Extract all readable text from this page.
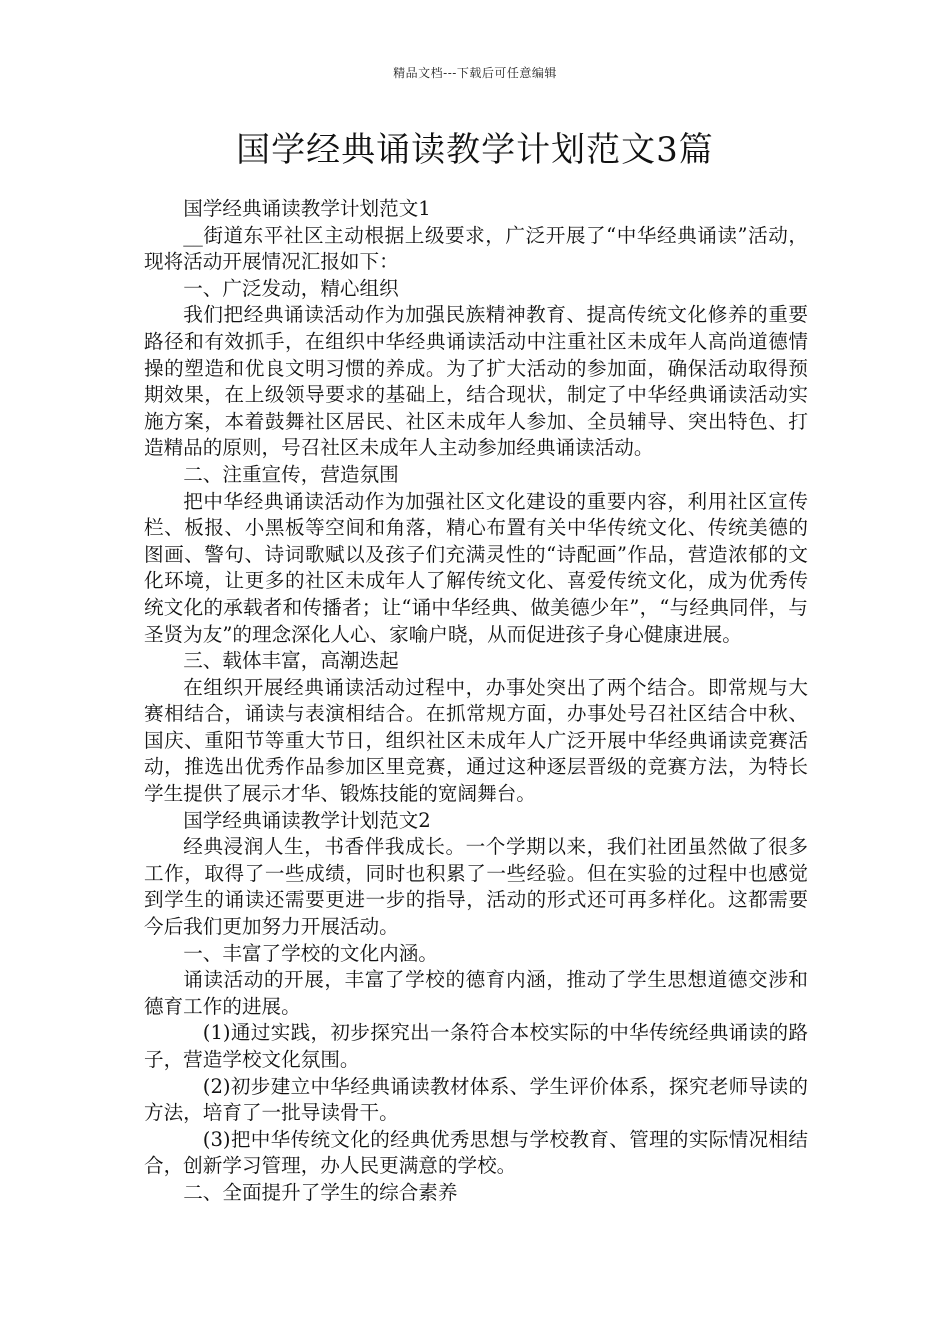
精品文档---下载后可任意编辑
国学经典诵读教学计划范文3篇

国学经典诵读教学计划范文1

__街道东平社区主动根据上级要求，广泛开展了“中华经典诵读”活动，现将活动开展情况汇报如下：

一、广泛发动，精心组织

我们把经典诵读活动作为加强民族精神教育、提高传统文化修养的重要路径和有效抓手，在组织中华经典诵读活动中注重社区未成年人高尚道德情操的塑造和优良文明习惯的养成。为了扩大活动的参加面，确保活动取得预期效果，在上级领导要求的基础上，结合现状，制定了中华经典诵读活动实施方案，本着鼓舞社区居民、社区未成年人参加、全员辅导、突出特色、打造精品的原则，号召社区未成年人主动参加经典诵读活动。

二、注重宣传，营造氛围

把中华经典诵读活动作为加强社区文化建设的重要内容，利用社区宣传栏、板报、小黑板等空间和角落，精心布置有关中华传统文化、传统美德的图画、警句、诗词歌赋以及孩子们充满灵性的“诗配画”作品，营造浓郁的文化环境，让更多的社区未成年人了解传统文化、喜爱传统文化，成为优秀传统文化的承载者和传播者；让“诵中华经典、做美德少年”，“与经典同伴，与圣贤为友”的理念深化人心、家喻户晓，从而促进孩子身心健康进展。

三、载体丰富，高潮迭起

在组织开展经典诵读活动过程中，办事处突出了两个结合。即常规与大赛相结合，诵读与表演相结合。在抓常规方面，办事处号召社区结合中秋、国庆、重阳节等重大节日，组织社区未成年人广泛开展中华经典诵读竞赛活动，推选出优秀作品参加区里竞赛，通过这种逐层晋级的竞赛方法，为特长学生提供了展示才华、锻炼技能的宽阔舞台。

国学经典诵读教学计划范文2

经典浸润人生，书香伴我成长。一个学期以来，我们社团虽然做了很多工作，取得了一些成绩，同时也积累了一些经验。但在实验的过程中也感觉到学生的诵读还需要更进一步的指导，活动的形式还可再多样化。这都需要今后我们更加努力开展活动。

一、丰富了学校的文化内涵。

诵读活动的开展，丰富了学校的德育内涵，推动了学生思想道德交涉和德育工作的进展。

(1)通过实践，初步探究出一条符合本校实际的中华传统经典诵读的路子，营造学校文化氛围。

(2)初步建立中华经典诵读教材体系、学生评价体系，探究老师导读的方法，培育了一批导读骨干。

(3)把中华传统文化的经典优秀思想与学校教育、管理的实际情况相结合，创新学习管理，办人民更满意的学校。

二、全面提升了学生的综合素养
